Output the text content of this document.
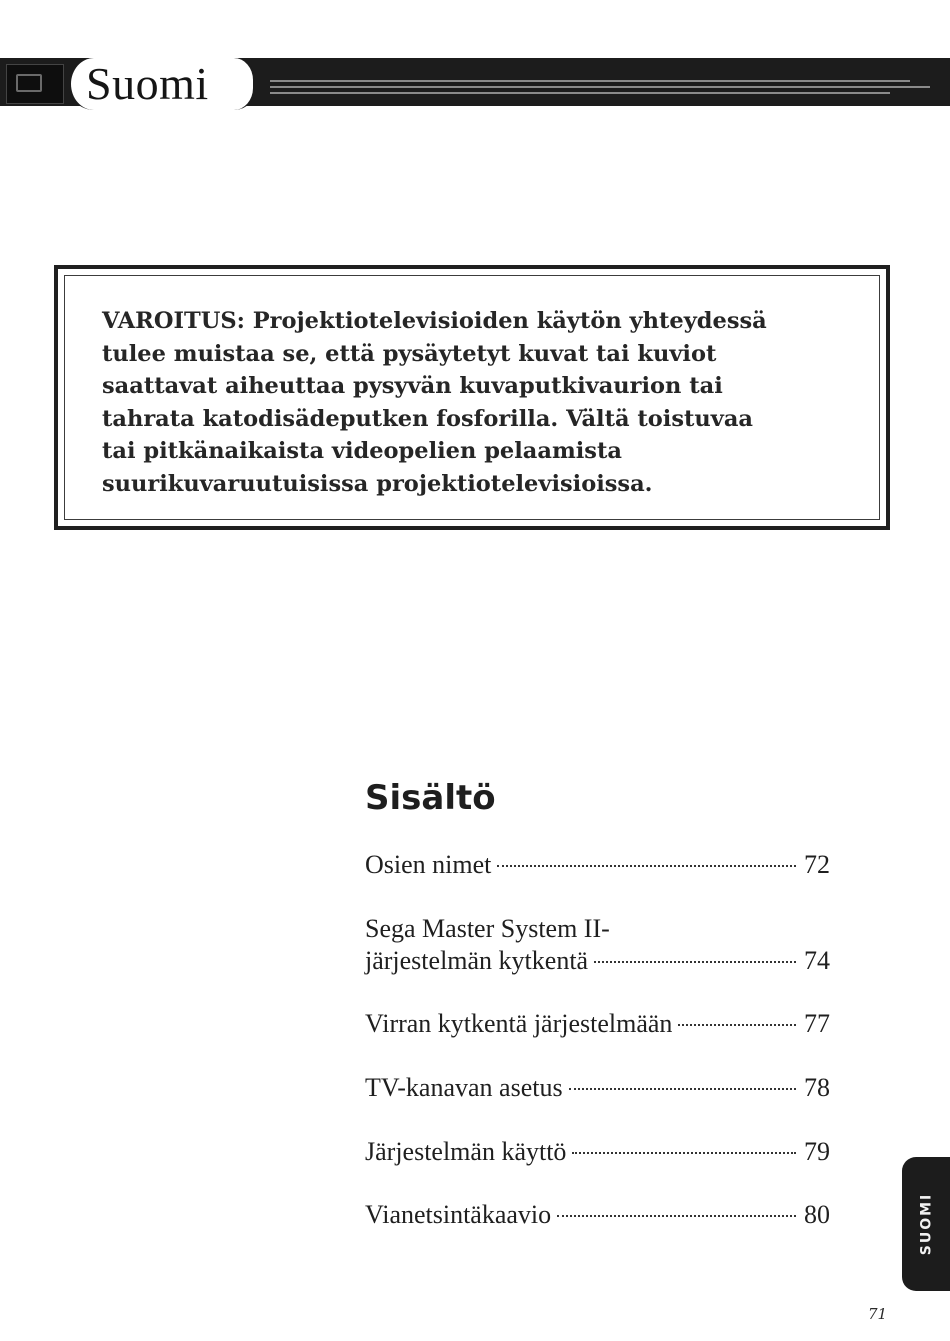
Suomi

VAROITUS: Projektiotelevisioiden käytön yhteydessä
tulee muistaa se, että pysäytetyt kuvat tai kuviot
saattavat aiheuttaa pysyvän kuvaputkivaurion tai
tahrata katodisädeputken fosforilla. Vältä toistuvaa
tai pitkänaikaista videopelien pelaamista
suurikuvaruutuisissa projektiotelevisioissa.

Sisältö
Osien nimet	72
Sega Master System II-
järjestelmän kytkentä	74
Virran kytkentä järjestelmään	77
TV-kanavan asetus	78
Järjestelmän käyttö	79
Vianetsintäkaavio	80	SUOMI
71
